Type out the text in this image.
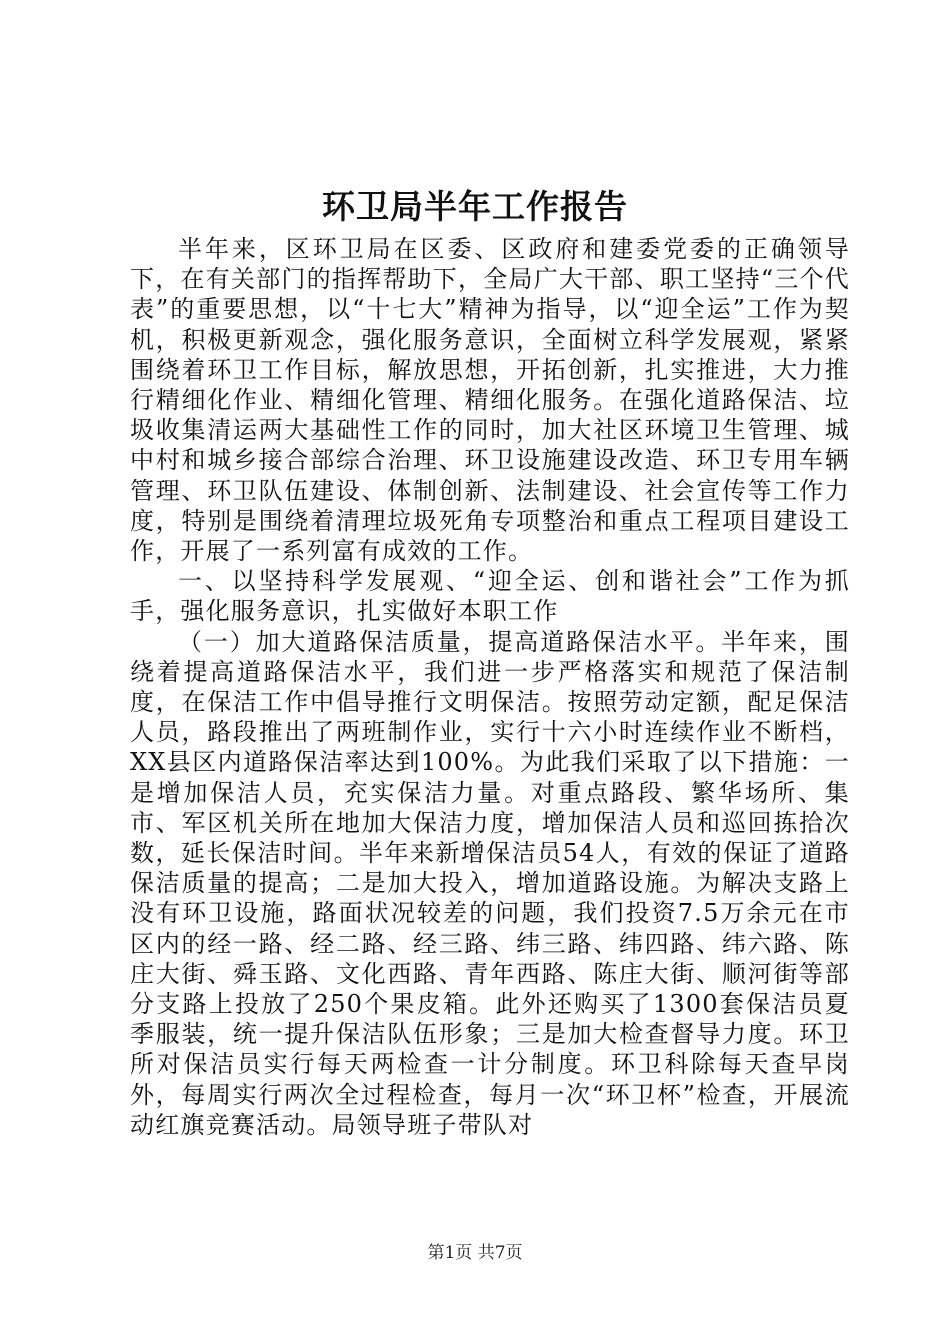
环卫局半年工作报告

半年来，区环卫局在区委、区政府和建委党委的正确领导下，在有关部门的指挥帮助下，全局广大干部、职工坚持“三个代表”的重要思想，以“十七大”精神为指导，以“迎全运”工作为契机，积极更新观念，强化服务意识，全面树立科学发展观，紧紧围绕着环卫工作目标，解放思想，开拓创新，扎实推进，大力推行精细化作业、精细化管理、精细化服务。在强化道路保洁、垃圾收集清运两大基础性工作的同时，加大社区环境卫生管理、城中村和城乡接合部综合治理、环卫设施建设改造、环卫专用车辆管理、环卫队伍建设、体制创新、法制建设、社会宣传等工作力度，特别是围绕着清理垃圾死角专项整治和重点工程项目建设工作，开展了一系列富有成效的工作。

一、以坚持科学发展观、“迎全运、创和谐社会”工作为抓手，强化服务意识，扎实做好本职工作

（一）加大道路保洁质量，提高道路保洁水平。半年来，围绕着提高道路保洁水平，我们进一步严格落实和规范了保洁制度，在保洁工作中倡导推行文明保洁。按照劳动定额，配足保洁人员，路段推出了两班制作业，实行十六小时连续作业不断档，XX县区内道路保洁率达到100%。为此我们采取了以下措施：一是增加保洁人员，充实保洁力量。对重点路段、繁华场所、集市、军区机关所在地加大保洁力度，增加保洁人员和巡回拣拾次数，延长保洁时间。半年来新增保洁员54人，有效的保证了道路保洁质量的提高；二是加大投入，增加道路设施。为解决支路上没有环卫设施，路面状况较差的问题，我们投资7.5万余元在市区内的经一路、经二路、经三路、纬三路、纬四路、纬六路、陈庄大街、舜玉路、文化西路、青年西路、陈庄大街、顺河街等部分支路上投放了250个果皮箱。此外还购买了1300套保洁员夏季服装，统一提升保洁队伍形象；三是加大检查督导力度。环卫所对保洁员实行每天两检查一计分制度。环卫科除每天查早岗外，每周实行两次全过程检查，每月一次“环卫杯”检查，开展流动红旗竞赛活动。局领导班子带队对

第1页 共7页
